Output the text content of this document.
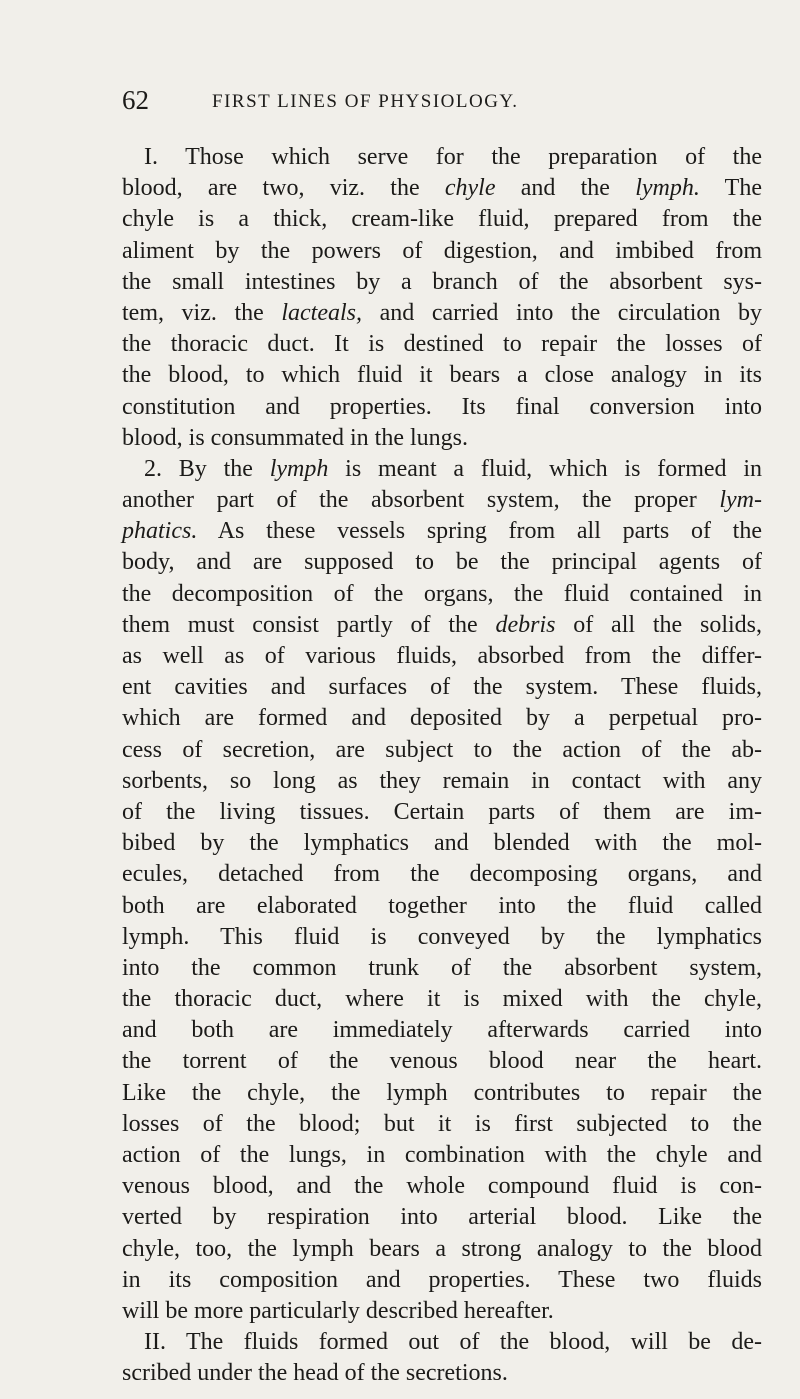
62	FIRST LINES OF PHYSIOLOGY.
I. Those which serve for the preparation of the
blood, are two, viz. the chyle and the lymph. The
chyle is a thick, cream-like fluid, prepared from the
aliment by the powers of digestion, and imbibed from
the small intestines by a branch of the absorbent sys-
tem, viz. the lacteals, and carried into the circulation by
the thoracic duct. It is destined to repair the losses of
the blood, to which fluid it bears a close analogy in its
constitution and properties. Its final conversion into
blood, is consummated in the lungs.
2. By the lymph is meant a fluid, which is formed in
another part of the absorbent system, the proper lym-
phatics. As these vessels spring from all parts of the
body, and are supposed to be the principal agents of
the decomposition of the organs, the fluid contained in
them must consist partly of the debris of all the solids,
as well as of various fluids, absorbed from the differ-
ent cavities and surfaces of the system. These fluids,
which are formed and deposited by a perpetual pro-
cess of secretion, are subject to the action of the ab-
sorbents, so long as they remain in contact with any
of the living tissues. Certain parts of them are im-
bibed by the lymphatics and blended with the mol-
ecules, detached from the decomposing organs, and
both are elaborated together into the fluid called
lymph. This fluid is conveyed by the lymphatics
into the common trunk of the absorbent system,
the thoracic duct, where it is mixed with the chyle,
and both are immediately afterwards carried into
the torrent of the venous blood near the heart.
Like the chyle, the lymph contributes to repair the
losses of the blood; but it is first subjected to the
action of the lungs, in combination with the chyle and
venous blood, and the whole compound fluid is con-
verted by respiration into arterial blood. Like the
chyle, too, the lymph bears a strong analogy to the blood
in its composition and properties. These two fluids
will be more particularly described hereafter.
II. The fluids formed out of the blood, will be de-
scribed under the head of the secretions.
